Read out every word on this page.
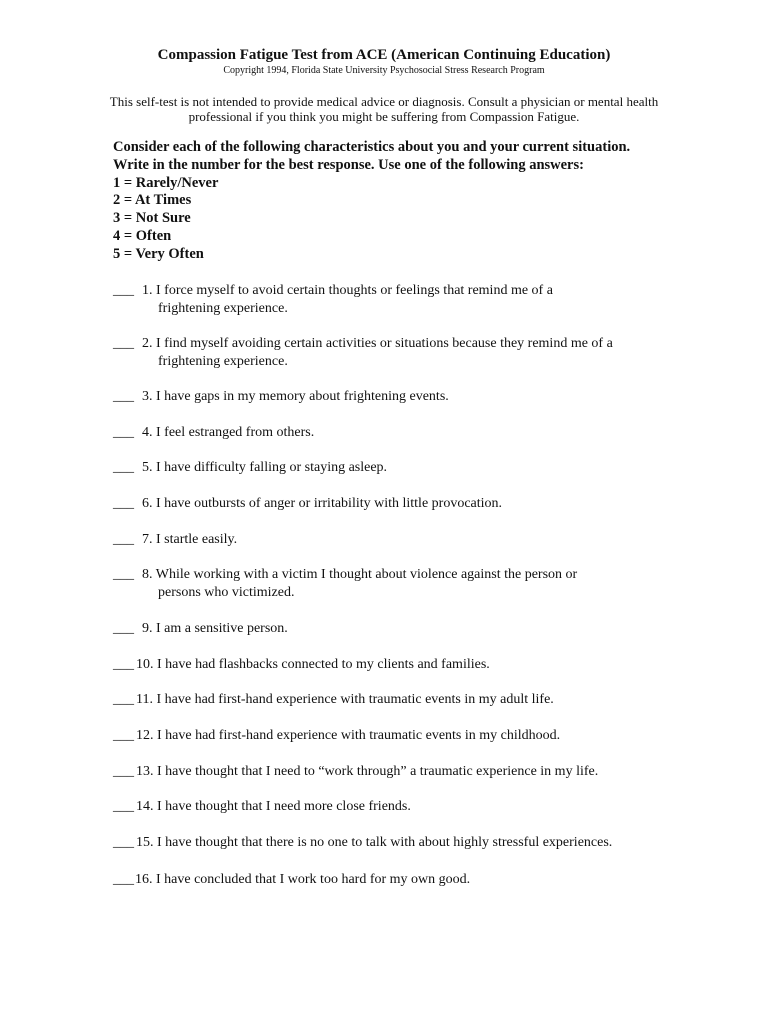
Compassion Fatigue Test from ACE (American Continuing Education)
Copyright 1994, Florida State University Psychosocial Stress Research Program
This self-test is not intended to provide medical advice or diagnosis. Consult a physician or mental health
professional if you think you might be suffering from Compassion Fatigue.
Consider each of the following characteristics about you and your current situation.
Write in the number for the best response. Use one of the following answers:
1 = Rarely/Never
2 = At Times
3 = Not Sure
4 = Often
5 = Very Often
___ 1. I force myself to avoid certain thoughts or feelings that remind me of a
frightening experience.
___ 2. I find myself avoiding certain activities or situations because they remind me of a
frightening experience.
___ 3. I have gaps in my memory about frightening events.
___ 4. I feel estranged from others.
___ 5. I have difficulty falling or staying asleep.
___ 6. I have outbursts of anger or irritability with little provocation.
___ 7. I startle easily.
___ 8. While working with a victim I thought about violence against the person or
persons who victimized.
___ 9. I am a sensitive person.
___ 10. I have had flashbacks connected to my clients and families.
___ 11. I have had first-hand experience with traumatic events in my adult life.
___ 12. I have had first-hand experience with traumatic events in my childhood.
___ 13. I have thought that I need to “work through” a traumatic experience in my life.
___ 14. I have thought that I need more close friends.
___ 15. I have thought that there is no one to talk with about highly stressful experiences.
___16. I have concluded that I work too hard for my own good.
